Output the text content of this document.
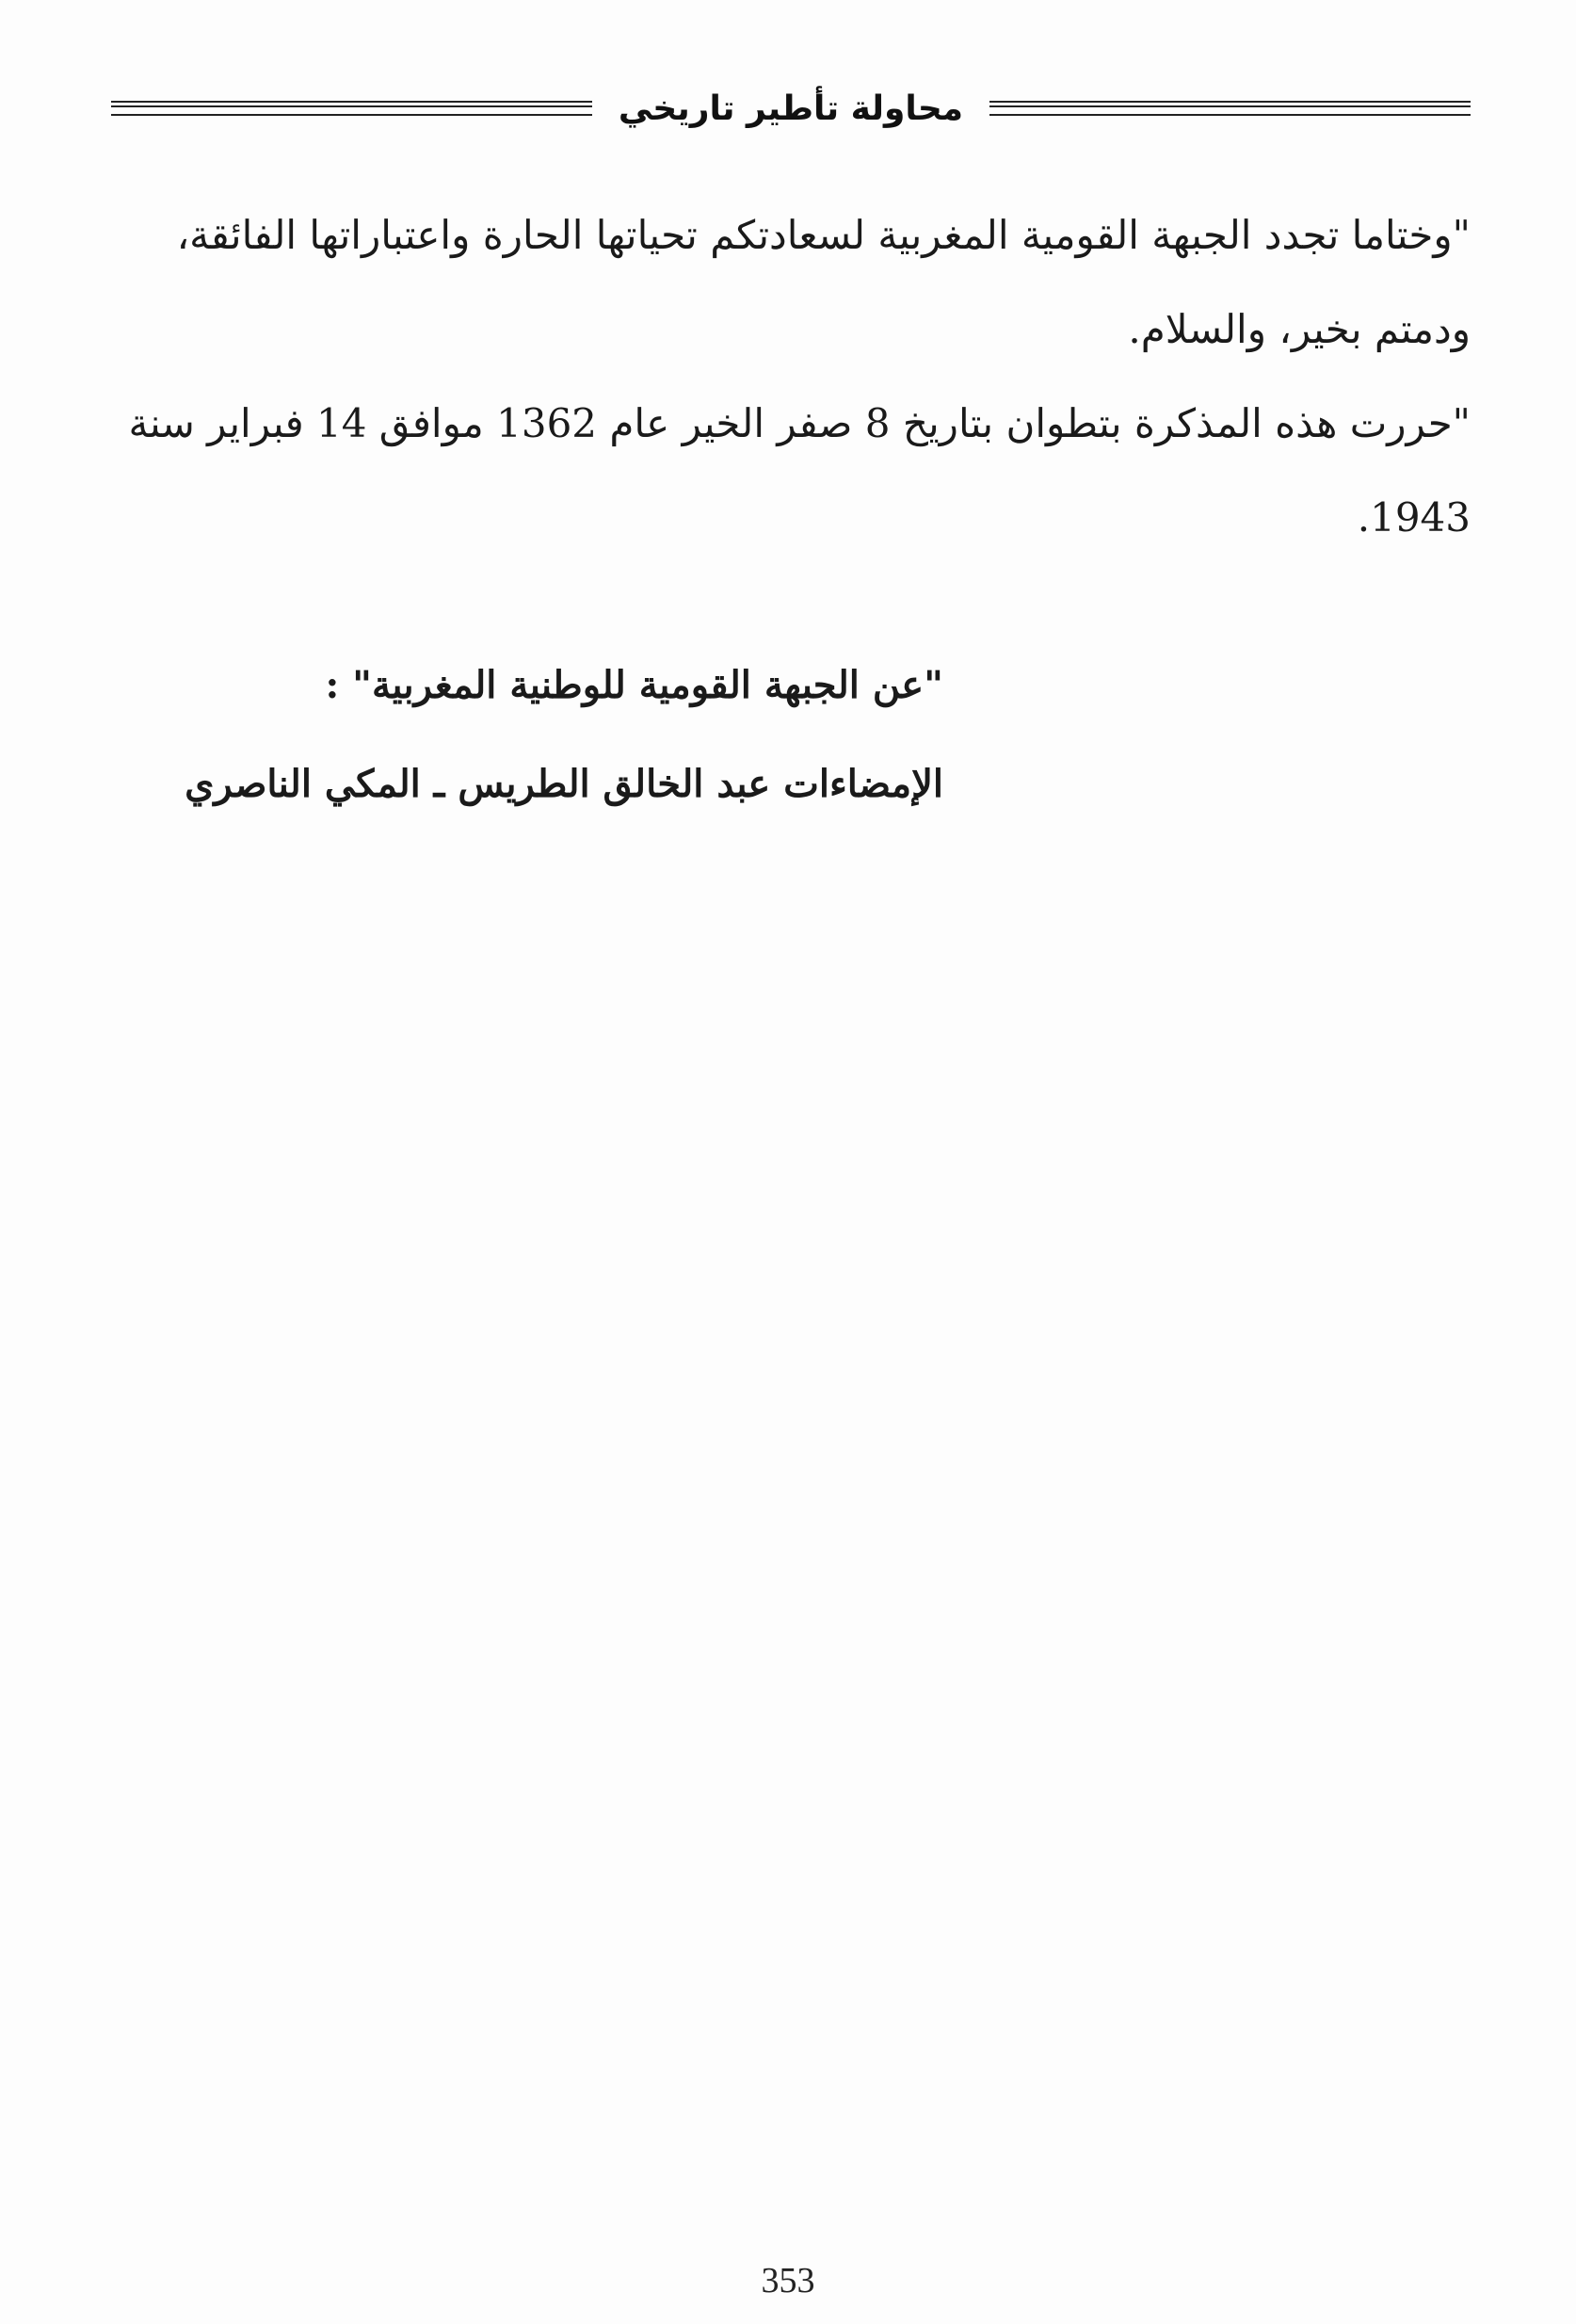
محاولة تأطير تاريخي

"وختاما تجدد الجبهة القومية المغربية لسعادتكم تحياتها الحارة واعتباراتها الفائقة، ودمتم بخير، والسلام.

"حررت هذه المذكرة بتطوان بتاريخ 8 صفر الخير عام 1362 موافق 14 فبراير سنة 1943.

"عن الجبهة القومية للوطنية المغربية" :

الإمضاءات عبد الخالق الطريس ـ المكي الناصري

353
